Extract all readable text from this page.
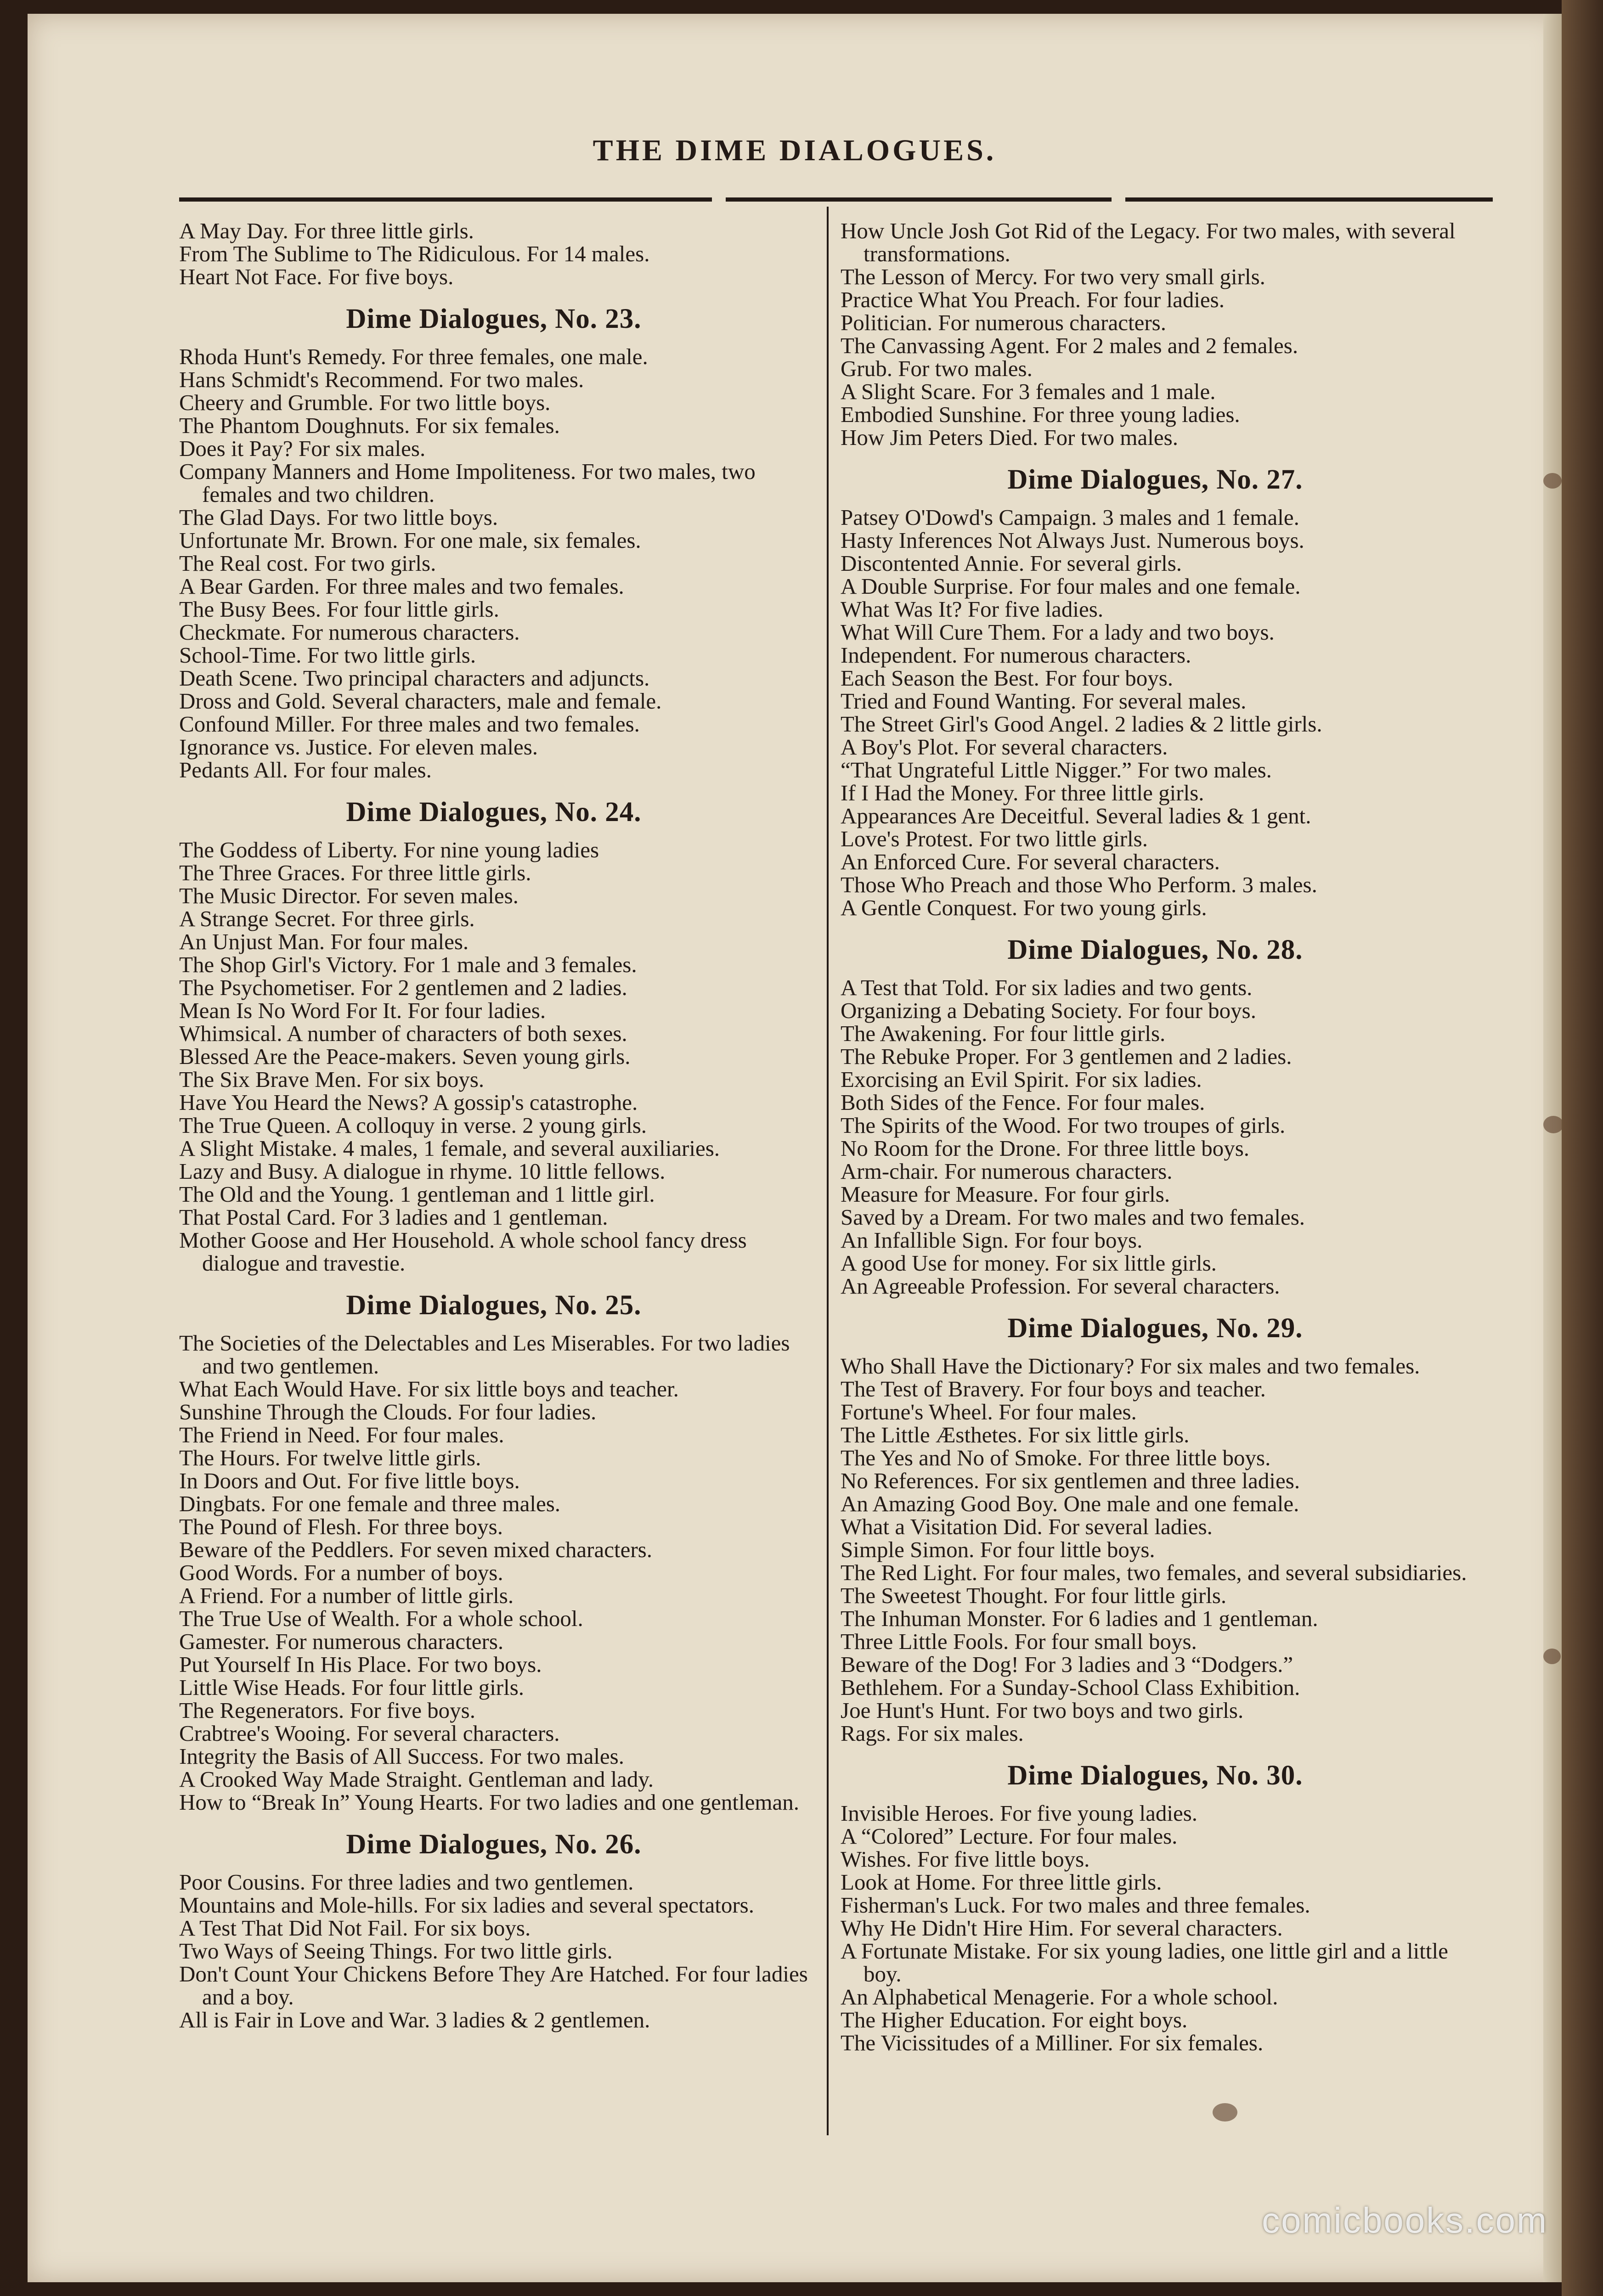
THE DIME DIALOGUES.

A May Day. For three little girls.

From The Sublime to The Ridiculous. For 14 males.

Heart Not Face. For five boys.

Dime Dialogues, No. 23.

Rhoda Hunt's Remedy. For three females, one male.

Hans Schmidt's Recommend. For two males.

Cheery and Grumble. For two little boys.

The Phantom Doughnuts. For six females.

Does it Pay? For six males.

Company Manners and Home Impoliteness. For two males, two females and two children.

The Glad Days. For two little boys.

Unfortunate Mr. Brown. For one male, six females.

The Real cost. For two girls.

A Bear Garden. For three males and two females.

The Busy Bees. For four little girls.

Checkmate. For numerous characters.

School-Time. For two little girls.

Death Scene. Two principal characters and adjuncts.

Dross and Gold. Several characters, male and female.

Confound Miller. For three males and two females.

Ignorance vs. Justice. For eleven males.

Pedants All. For four males.

Dime Dialogues, No. 24.

The Goddess of Liberty. For nine young ladies

The Three Graces. For three little girls.

The Music Director. For seven males.

A Strange Secret. For three girls.

An Unjust Man. For four males.

The Shop Girl's Victory. For 1 male and 3 females.

The Psychometiser. For 2 gentlemen and 2 ladies.

Mean Is No Word For It. For four ladies.

Whimsical. A number of characters of both sexes.

Blessed Are the Peace-makers. Seven young girls.

The Six Brave Men. For six boys.

Have You Heard the News? A gossip's catastrophe.

The True Queen. A colloquy in verse. 2 young girls.

A Slight Mistake. 4 males, 1 female, and several auxiliaries.

Lazy and Busy. A dialogue in rhyme. 10 little fellows.

The Old and the Young. 1 gentleman and 1 little girl.

That Postal Card. For 3 ladies and 1 gentleman.

Mother Goose and Her Household. A whole school fancy dress dialogue and travestie.

Dime Dialogues, No. 25.

The Societies of the Delectables and Les Miserables. For two ladies and two gentlemen.

What Each Would Have. For six little boys and teacher.

Sunshine Through the Clouds. For four ladies.

The Friend in Need. For four males.

The Hours. For twelve little girls.

In Doors and Out. For five little boys.

Dingbats. For one female and three males.

The Pound of Flesh. For three boys.

Beware of the Peddlers. For seven mixed characters.

Good Words. For a number of boys.

A Friend. For a number of little girls.

The True Use of Wealth. For a whole school.

Gamester. For numerous characters.

Put Yourself In His Place. For two boys.

Little Wise Heads. For four little girls.

The Regenerators. For five boys.

Crabtree's Wooing. For several characters.

Integrity the Basis of All Success. For two males.

A Crooked Way Made Straight. Gentleman and lady.

How to “Break In” Young Hearts. For two ladies and one gentleman.

Dime Dialogues, No. 26.

Poor Cousins. For three ladies and two gentlemen.

Mountains and Mole-hills. For six ladies and several spectators.

A Test That Did Not Fail. For six boys.

Two Ways of Seeing Things. For two little girls.

Don't Count Your Chickens Before They Are Hatched. For four ladies and a boy.

All is Fair in Love and War. 3 ladies & 2 gentlemen.

How Uncle Josh Got Rid of the Legacy. For two males, with several transformations.

The Lesson of Mercy. For two very small girls.

Practice What You Preach. For four ladies.

Politician. For numerous characters.

The Canvassing Agent. For 2 males and 2 females.

Grub. For two males.

A Slight Scare. For 3 females and 1 male.

Embodied Sunshine. For three young ladies.

How Jim Peters Died. For two males.

Dime Dialogues, No. 27.

Patsey O'Dowd's Campaign. 3 males and 1 female.

Hasty Inferences Not Always Just. Numerous boys.

Discontented Annie. For several girls.

A Double Surprise. For four males and one female.

What Was It? For five ladies.

What Will Cure Them. For a lady and two boys.

Independent. For numerous characters.

Each Season the Best. For four boys.

Tried and Found Wanting. For several males.

The Street Girl's Good Angel. 2 ladies & 2 little girls.

A Boy's Plot. For several characters.

“That Ungrateful Little Nigger.” For two males.

If I Had the Money. For three little girls.

Appearances Are Deceitful. Several ladies & 1 gent.

Love's Protest. For two little girls.

An Enforced Cure. For several characters.

Those Who Preach and those Who Perform. 3 males.

A Gentle Conquest. For two young girls.

Dime Dialogues, No. 28.

A Test that Told. For six ladies and two gents.

Organizing a Debating Society. For four boys.

The Awakening. For four little girls.

The Rebuke Proper. For 3 gentlemen and 2 ladies.

Exorcising an Evil Spirit. For six ladies.

Both Sides of the Fence. For four males.

The Spirits of the Wood. For two troupes of girls.

No Room for the Drone. For three little boys.

Arm-chair. For numerous characters.

Measure for Measure. For four girls.

Saved by a Dream. For two males and two females.

An Infallible Sign. For four boys.

A good Use for money. For six little girls.

An Agreeable Profession. For several characters.

Dime Dialogues, No. 29.

Who Shall Have the Dictionary? For six males and two females.

The Test of Bravery. For four boys and teacher.

Fortune's Wheel. For four males.

The Little Æsthetes. For six little girls.

The Yes and No of Smoke. For three little boys.

No References. For six gentlemen and three ladies.

An Amazing Good Boy. One male and one female.

What a Visitation Did. For several ladies.

Simple Simon. For four little boys.

The Red Light. For four males, two females, and several subsidiaries.

The Sweetest Thought. For four little girls.

The Inhuman Monster. For 6 ladies and 1 gentleman.

Three Little Fools. For four small boys.

Beware of the Dog! For 3 ladies and 3 “Dodgers.”

Bethlehem. For a Sunday-School Class Exhibition.

Joe Hunt's Hunt. For two boys and two girls.

Rags. For six males.

Dime Dialogues, No. 30.

Invisible Heroes. For five young ladies.

A “Colored” Lecture. For four males.

Wishes. For five little boys.

Look at Home. For three little girls.

Fisherman's Luck. For two males and three females.

Why He Didn't Hire Him. For several characters.

A Fortunate Mistake. For six young ladies, one little girl and a little boy.

An Alphabetical Menagerie. For a whole school.

The Higher Education. For eight boys.

The Vicissitudes of a Milliner. For six females.

comicbooks.com
